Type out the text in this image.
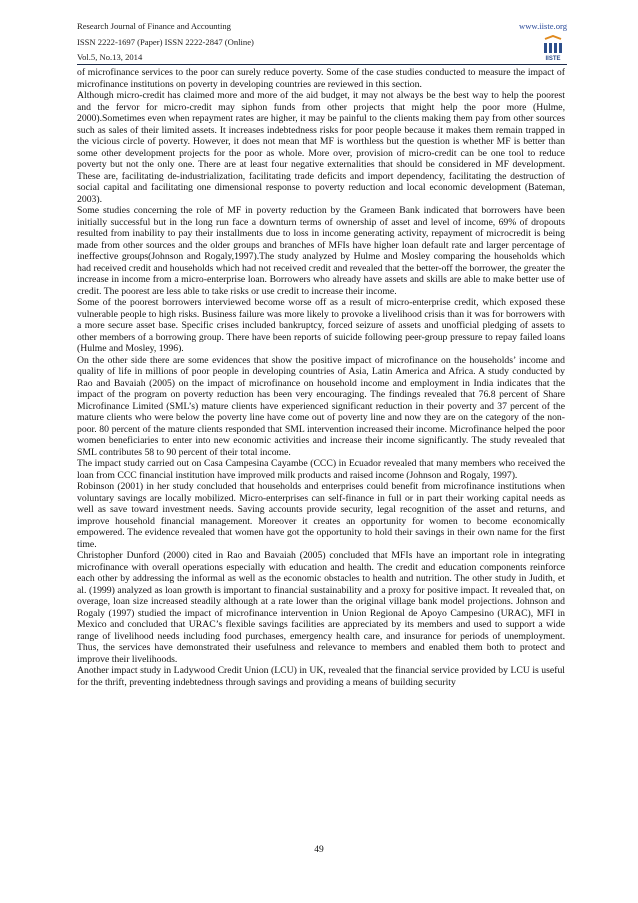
Research Journal of Finance and Accounting
ISSN 2222-1697 (Paper) ISSN 2222-2847 (Online)
Vol.5, No.13, 2014
www.iiste.org
IISTE

of microfinance services to the poor can surely reduce poverty. Some of the case studies conducted to measure the impact of microfinance institutions on poverty in developing countries are reviewed in this section.

Although micro-credit has claimed more and more of the aid budget, it may not always be the best way to help the poorest and the fervor for micro-credit may siphon funds from other projects that might help the poor more (Hulme, 2000).Sometimes even when repayment rates are higher, it may be painful to the clients making them pay from other sources such as sales of their limited assets. It increases indebtedness risks for poor people because it makes them remain trapped in the vicious circle of poverty. However, it does not mean that MF is worthless but the question is whether MF is better than some other development projects for the poor as whole. More over, provision of micro-credit can be one tool to reduce poverty but not the only one. There are at least four negative externalities that should be considered in MF development. These are, facilitating de-industrialization, facilitating trade deficits and import dependency, facilitating the destruction of social capital and facilitating one dimensional response to poverty reduction and local economic development (Bateman, 2003).

Some studies concerning the role of MF in poverty reduction by the Grameen Bank indicated that borrowers have been initially successful but in the long run face a downturn terms of ownership of asset and level of income, 69% of dropouts resulted from inability to pay their installments due to loss in income generating activity, repayment of microcredit is being made from other sources and the older groups and branches of MFIs have higher loan default rate and larger percentage of ineffective groups(Johnson and Rogaly,1997).The study analyzed by Hulme and Mosley comparing the households which had received credit and households which had not received credit and revealed that the better-off the borrower, the greater the increase in income from a micro-enterprise loan. Borrowers who already have assets and skills are able to make better use of credit. The poorest are less able to take risks or use credit to increase their income.

Some of the poorest borrowers interviewed become worse off as a result of micro-enterprise credit, which exposed these vulnerable people to high risks. Business failure was more likely to provoke a livelihood crisis than it was for borrowers with a more secure asset base. Specific crises included bankruptcy, forced seizure of assets and unofficial pledging of assets to other members of a borrowing group. There have been reports of suicide following peer-group pressure to repay failed loans (Hulme and Mosley, 1996).

On the other side there are some evidences that show the positive impact of microfinance on the households’ income and quality of life in millions of poor people in developing countries of Asia, Latin America and Africa. A study conducted by Rao and Bavaiah (2005) on the impact of microfinance on household income and employment in India indicates that the impact of the program on poverty reduction has been very encouraging. The findings revealed that 76.8 percent of Share Microfinance Limited (SML’s) mature clients have experienced significant reduction in their poverty and 37 percent of the mature clients who were below the poverty line have come out of poverty line and now they are on the category of the non-poor. 80 percent of the mature clients responded that SML intervention increased their income. Microfinance helped the poor women beneficiaries to enter into new economic activities and increase their income significantly. The study revealed that SML contributes 58 to 90 percent of their total income.

The impact study carried out on Casa Campesina Cayambe (CCC) in Ecuador revealed that many members who received the loan from CCC financial institution have improved milk products and raised income (Johnson and Rogaly, 1997).

Robinson (2001) in her study concluded that households and enterprises could benefit from microfinance institutions when voluntary savings are locally mobilized. Micro-enterprises can self-finance in full or in part their working capital needs as well as save toward investment needs. Saving accounts provide security, legal recognition of the asset and returns, and improve household financial management. Moreover it creates an opportunity for women to become economically empowered. The evidence revealed that women have got the opportunity to hold their savings in their own name for the first time.

Christopher Dunford (2000) cited in Rao and Bavaiah (2005) concluded that MFIs have an important role in integrating microfinance with overall operations especially with education and health. The credit and education components reinforce each other by addressing the informal as well as the economic obstacles to health and nutrition. The other study in Judith, et al. (1999) analyzed as loan growth is important to financial sustainability and a proxy for positive impact. It revealed that, on overage, loan size increased steadily although at a rate lower than the original village bank model projections. Johnson and Rogaly (1997) studied the impact of microfinance intervention in Union Regional de Apoyo Campesino (URAC), MFI in Mexico and concluded that URAC’s flexible savings facilities are appreciated by its members and used to support a wide range of livelihood needs including food purchases, emergency health care, and insurance for periods of unemployment. Thus, the services have demonstrated their usefulness and relevance to members and enabled them both to protect and improve their livelihoods.

Another impact study in Ladywood Credit Union (LCU) in UK, revealed that the financial service provided by LCU is useful for the thrift, preventing indebtedness through savings and providing a means of building security

49
